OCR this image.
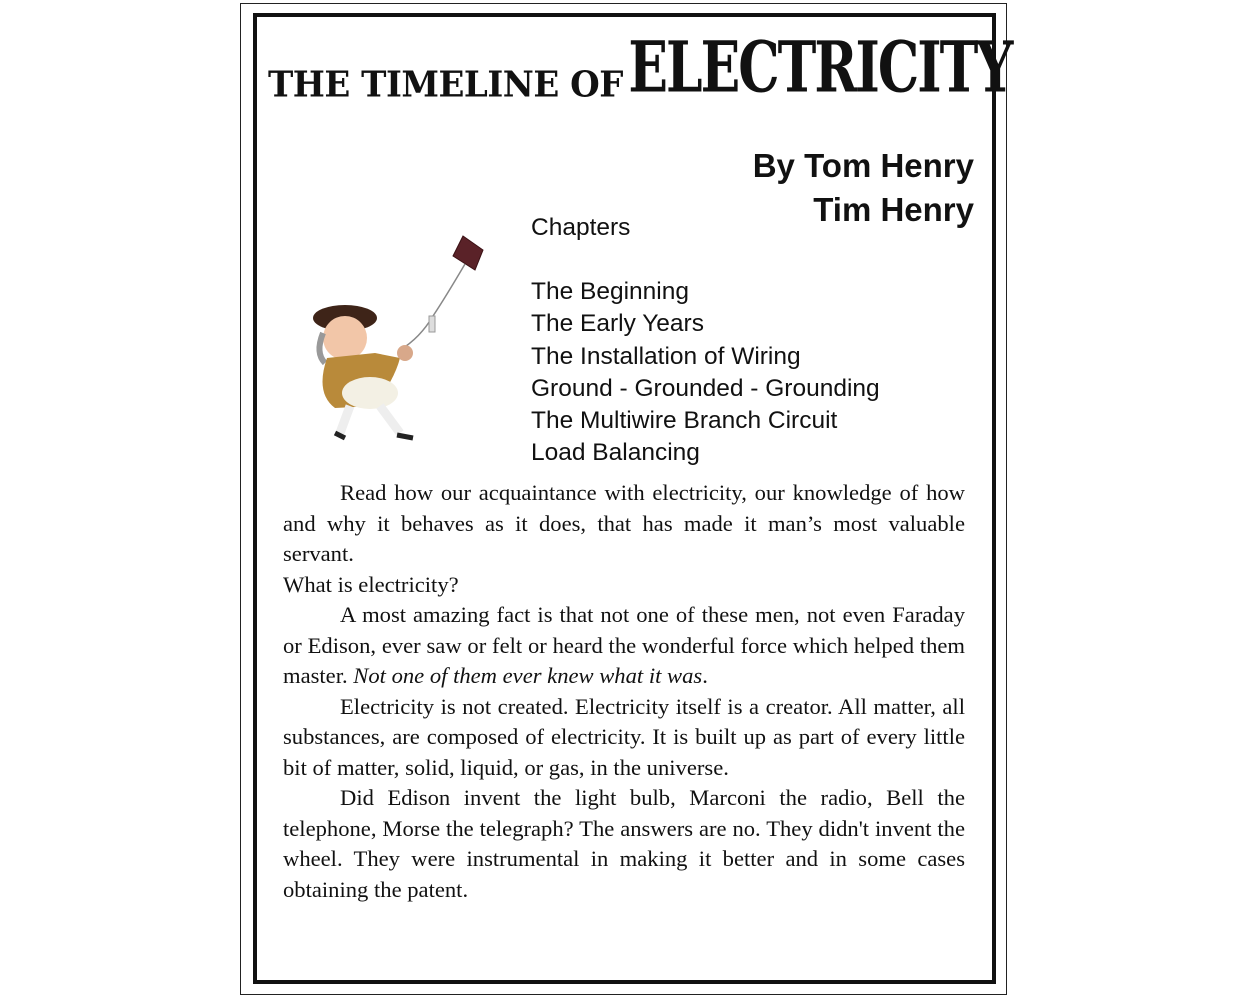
THE TIMELINE OF ELECTRICITY
By Tom Henry
Tim Henry
Chapters
The Beginning
The Early Years
The Installation of Wiring
Ground - Grounded - Grounding
The Multiwire Branch Circuit
Load Balancing

Read how our acquaintance with electricity, our knowledge of how and why it behaves as it does, that has made it man’s most valuable servant.

What is electricity?

A most amazing fact is that not one of these men, not even Faraday or Edison, ever saw or felt or heard the wonderful force which helped them master. Not one of them ever knew what it was.

Electricity is not created. Electricity itself is a creator. All matter, all substances, are composed of electricity. It is built up as part of every little bit of matter, solid, liquid, or gas, in the universe.

Did Edison invent the light bulb, Marconi the radio, Bell the telephone, Morse the telegraph? The answers are no. They didn't invent the wheel. They were instrumental in making it better and in some cases obtaining the patent.
